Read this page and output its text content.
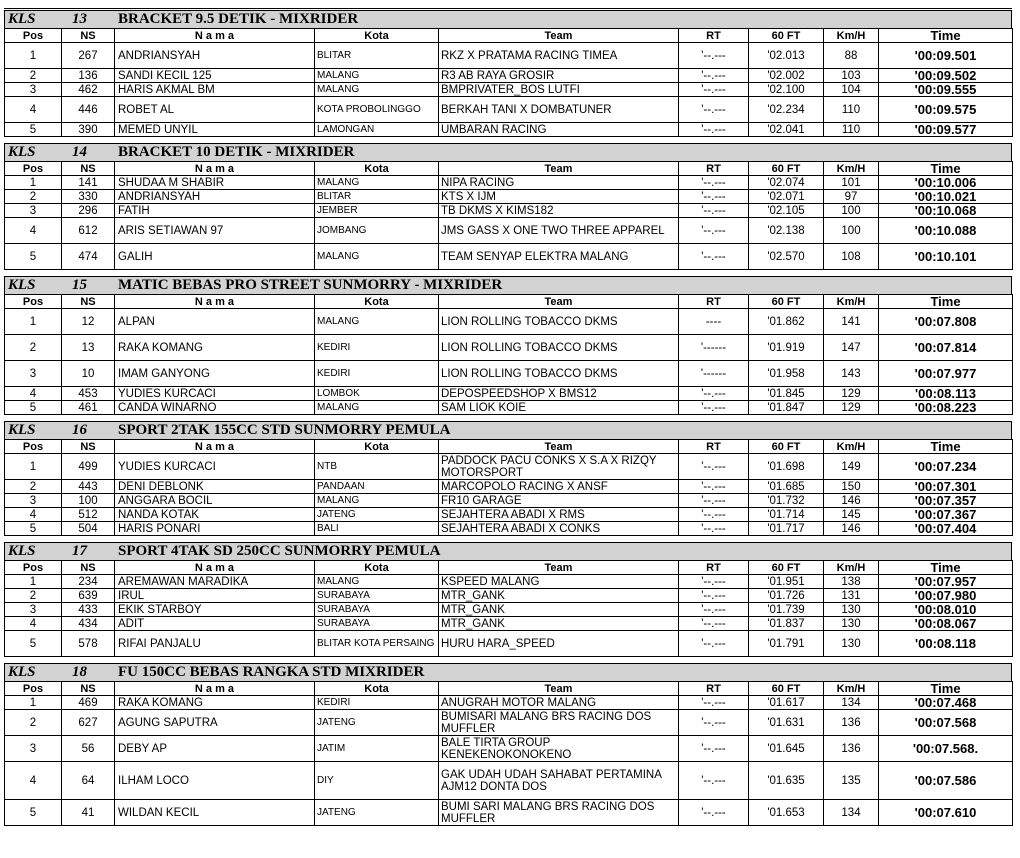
KLS 13 BRACKET 9.5 DETIK - MIXRIDER
Pos	NS	N a m a	Kota	Team	RT	60 FT	Km/H	Time
1	267	ANDRIANSYAH	BLITAR	RKZ X PRATAMA RACING TIMEA	'--.---	'02.013	88	'00:09.501
2	136	SANDI KECIL 125	MALANG	R3 AB RAYA GROSIR	'--.---	'02.002	103	'00:09.502
3	462	HARIS AKMAL BM	MALANG	BMPRIVATER_BOS LUTFI	'--.---	'02.100	104	'00:09.555
4	446	ROBET AL	KOTA PROBOLINGGO	BERKAH TANI X DOMBATUNER	'--.---	'02.234	110	'00:09.575
5	390	MEMED UNYIL	LAMONGAN	UMBARAN RACING	'--.---	'02.041	110	'00:09.577
KLS 14 BRACKET 10 DETIK - MIXRIDER
Pos	NS	N a m a	Kota	Team	RT	60 FT	Km/H	Time
1	141	SHUDAA M SHABIR	MALANG	NIPA RACING	'--.---	'02.074	101	'00:10.006
2	330	ANDRIANSYAH	BLITAR	KTS X IJM	'--.---	'02.071	97	'00:10.021
3	296	FATIH	JEMBER	TB DKMS X KIMS182	'--.---	'02.105	100	'00:10.068
4	612	ARIS SETIAWAN 97	JOMBANG	JMS GASS X ONE TWO THREE APPAREL	'--.---	'02.138	100	'00:10.088
5	474	GALIH	MALANG	TEAM SENYAP ELEKTRA MALANG	'--.---	'02.570	108	'00:10.101
KLS 15 MATIC BEBAS PRO STREET SUNMORRY - MIXRIDER
Pos	NS	N a m a	Kota	Team	RT	60 FT	Km/H	Time
1	12	ALPAN	MALANG	LION ROLLING TOBACCO DKMS	----	'01.862	141	'00:07.808
2	13	RAKA KOMANG	KEDIRI	LION ROLLING TOBACCO DKMS	'------	'01.919	147	'00:07.814
3	10	IMAM GANYONG	KEDIRI	LION ROLLING TOBACCO DKMS	'------	'01.958	143	'00:07.977
4	453	YUDIES KURCACI	LOMBOK	DEPOSPEEDSHOP X BMS12	'--.---	'01.845	129	'00:08.113
5	461	CANDA WINARNO	MALANG	SAM LIOK KOIE	'--.---	'01.847	129	'00:08.223
KLS 16 SPORT 2TAK 155CC STD SUNMORRY PEMULA
Pos	NS	N a m a	Kota	Team	RT	60 FT	Km/H	Time
1	499	YUDIES KURCACI	NTB	PADDOCK PACU CONKS X S.A X RIZQY MOTORSPORT	'--.---	'01.698	149	'00:07.234
2	443	DENI DEBLONK	PANDAAN	MARCOPOLO RACING X ANSF	'--.---	'01.685	150	'00:07.301
3	100	ANGGARA BOCIL	MALANG	FR10 GARAGE	'--.---	'01.732	146	'00:07.357
4	512	NANDA KOTAK	JATENG	SEJAHTERA ABADI X RMS	'--.---	'01.714	145	'00:07.367
5	504	HARIS PONARI	BALI	SEJAHTERA ABADI X CONKS	'--.---	'01.717	146	'00:07.404
KLS 17 SPORT 4TAK SD 250CC SUNMORRY PEMULA
Pos	NS	N a m a	Kota	Team	RT	60 FT	Km/H	Time
1	234	AREMAWAN MARADIKA	MALANG	KSPEED MALANG	'--.---	'01.951	138	'00:07.957
2	639	IRUL	SURABAYA	MTR_GANK	'--.---	'01.726	131	'00:07.980
3	433	EKIK STARBOY	SURABAYA	MTR_GANK	'--.---	'01.739	130	'00:08.010
4	434	ADIT	SURABAYA	MTR_GANK	'--.---	'01.837	130	'00:08.067
5	578	RIFAI PANJALU	BLITAR KOTA PERSAING	HURU HARA_SPEED	'--.---	'01.791	130	'00:08.118
KLS 18 FU 150CC BEBAS RANGKA STD MIXRIDER
Pos	NS	N a m a	Kota	Team	RT	60 FT	Km/H	Time
1	469	RAKA KOMANG	KEDIRI	ANUGRAH MOTOR MALANG	'--.---	'01.617	134	'00:07.468
2	627	AGUNG SAPUTRA	JATENG	BUMISARI MALANG BRS RACING DOS MUFFLER	'--.---	'01.631	136	'00:07.568
3	56	DEBY AP	JATIM	BALE TIRTA GROUP KENEKENOKONOKENO	'--.---	'01.645	136	'00:07.568.
4	64	ILHAM LOCO	DIY	GAK UDAH UDAH SAHABAT PERTAMINA AJM12 DONTA DOS	'--.---	'01.635	135	'00:07.586
5	41	WILDAN KECIL	JATENG	BUMI SARI MALANG BRS RACING DOS MUFFLER	'--.---	'01.653	134	'00:07.610
